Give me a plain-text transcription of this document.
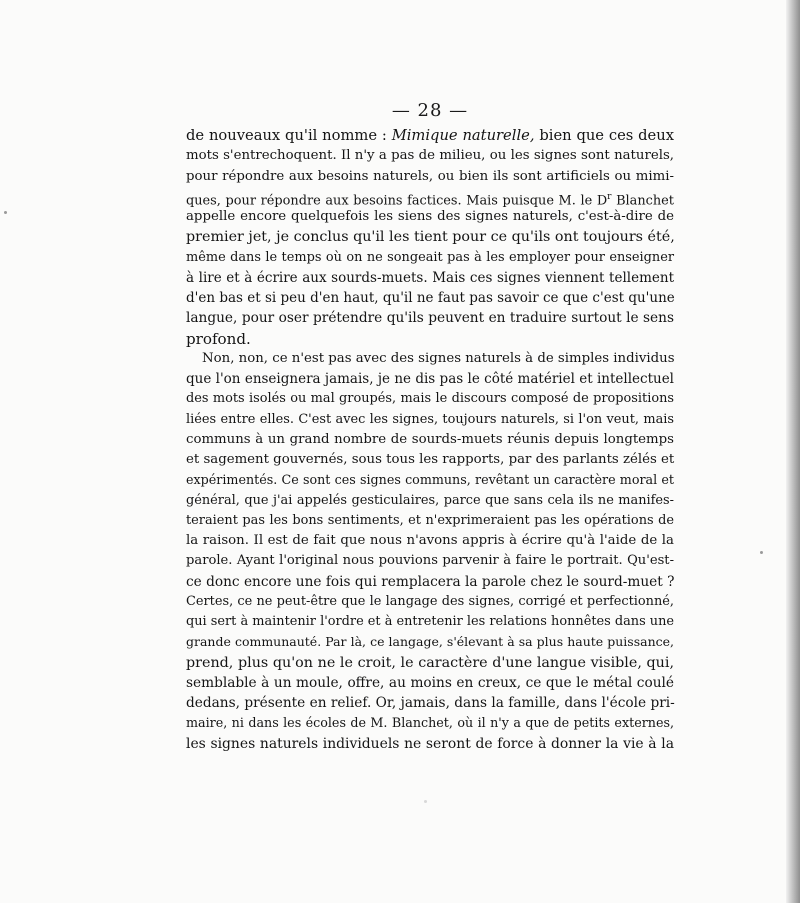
— 28 —
de nouveaux qu'il nomme : Mimique naturelle, bien que ces deux
mots s'entrechoquent. Il n'y a pas de milieu, ou les signes sont naturels,
pour répondre aux besoins naturels, ou bien ils sont artificiels ou mimi-
ques, pour répondre aux besoins factices. Mais puisque M. le $D^r$ Blanchet
appelle encore quelquefois les siens des signes naturels, c'est-à-dire de
premier jet, je conclus qu'il les tient pour ce qu'ils ont toujours été,
même dans le temps où on ne songeait pas à les employer pour enseigner
à lire et à écrire aux sourds-muets. Mais ces signes viennent tellement
d'en bas et si peu d'en haut, qu'il ne faut pas savoir ce que c'est qu'une
langue, pour oser prétendre qu'ils peuvent en traduire surtout le sens
profond.
Non, non, ce n'est pas avec des signes naturels à de simples individus
que l'on enseignera jamais, je ne dis pas le côté matériel et intellectuel
des mots isolés ou mal groupés, mais le discours composé de propositions
liées entre elles. C'est avec les signes, toujours naturels, si l'on veut, mais
communs à un grand nombre de sourds-muets réunis depuis longtemps
et sagement gouvernés, sous tous les rapports, par des parlants zélés et
expérimentés. Ce sont ces signes communs, revêtant un caractère moral et
général, que j'ai appelés gesticulaires, parce que sans cela ils ne manifes-
teraient pas les bons sentiments, et n'exprimeraient pas les opérations de
la raison. Il est de fait que nous n'avons appris à écrire qu'à l'aide de la
parole. Ayant l'original nous pouvions parvenir à faire le portrait. Qu'est-
ce donc encore une fois qui remplacera la parole chez le sourd-muet ?
Certes, ce ne peut-être que le langage des signes, corrigé et perfectionné,
qui sert à maintenir l'ordre et à entretenir les relations honnêtes dans une
grande communauté. Par là, ce langage, s'élevant à sa plus haute puissance,
prend, plus qu'on ne le croit, le caractère d'une langue visible, qui,
semblable à un moule, offre, au moins en creux, ce que le métal coulé
dedans, présente en relief. Or, jamais, dans la famille, dans l'école pri-
maire, ni dans les écoles de M. Blanchet, où il n'y a que de petits externes,
les signes naturels individuels ne seront de force à donner la vie à la
